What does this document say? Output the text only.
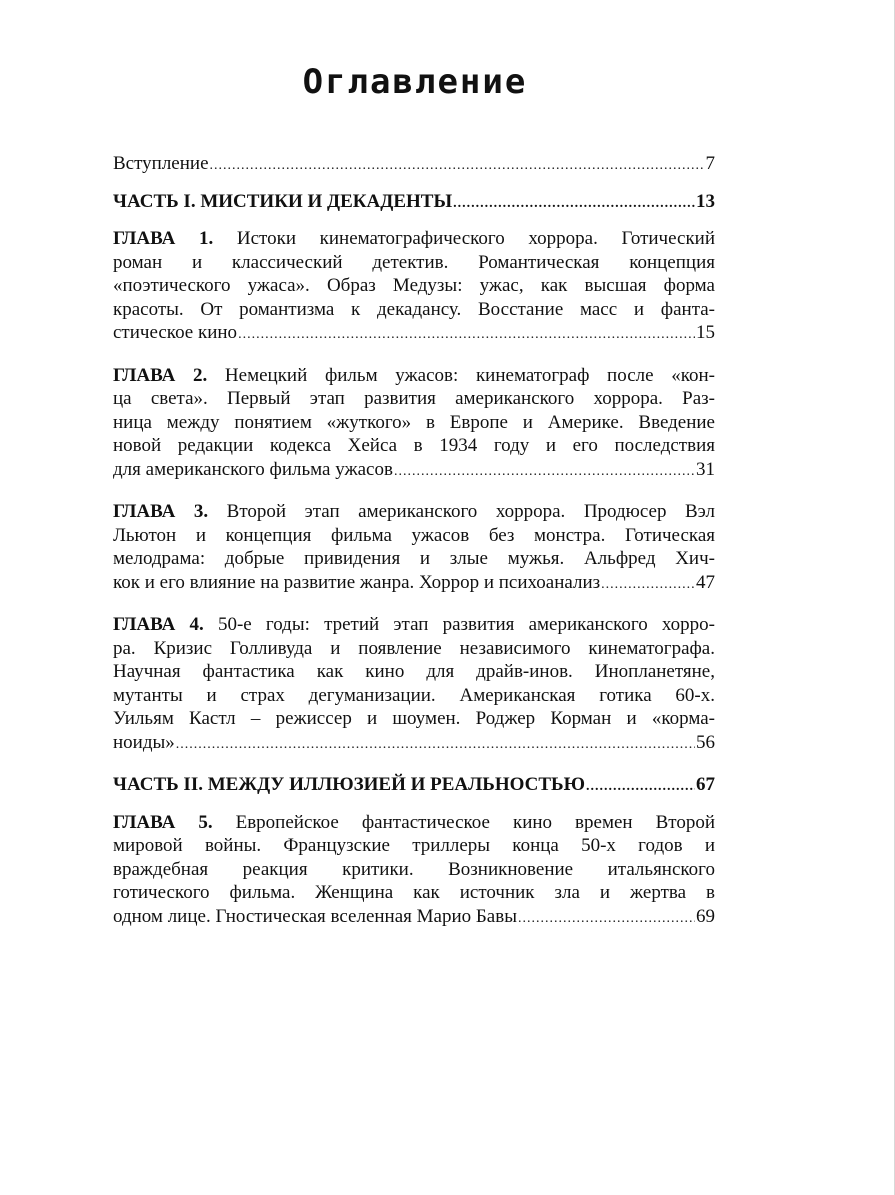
Оглавление
Вступление .....	7
ЧАСТЬ I. МИСТИКИ И ДЕКАДЕНТЫ .....	13
ГЛАВА 1. Истоки кинематографического хоррора. Готический
роман и классический детектив. Романтическая концепция
«поэтического ужаса». Образ Медузы: ужас, как высшая форма
красоты. От романтизма к декадансу. Восстание масс и фанта-
стическое кино .....	15
ГЛАВА 2. Немецкий фильм ужасов: кинематограф после «кон-
ца света». Первый этап развития американского хоррора. Раз-
ница между понятием «жуткого» в Европе и Америке. Введение
новой редакции кодекса Хейса в 1934 году и его последствия
для американского фильма ужасов .....	31
ГЛАВА 3. Второй этап американского хоррора. Продюсер Вэл
Льютон и концепция фильма ужасов без монстра. Готическая
мелодрама: добрые привидения и злые мужья. Альфред Хич-
кок и его влияние на развитие жанра. Хоррор и психоанализ .....	47
ГЛАВА 4. 50-е годы: третий этап развития американского хорро-
ра. Кризис Голливуда и появление независимого кинематографа.
Научная фантастика как кино для драйв-инов. Инопланетяне,
мутанты и страх дегуманизации. Американская готика 60-х.
Уильям Кастл – режиссер и шоумен. Роджер Корман и «корма-
ноиды» .....	56
ЧАСТЬ II. МЕЖДУ ИЛЛЮЗИЕЙ И РЕАЛЬНОСТЬЮ .....	67
ГЛАВА 5. Европейское фантастическое кино времен Второй
мировой войны. Французские триллеры конца 50-х годов и
враждебная реакция критики. Возникновение итальянского
готического фильма. Женщина как источник зла и жертва в
одном лице. Гностическая вселенная Марио Бавы .....	69
